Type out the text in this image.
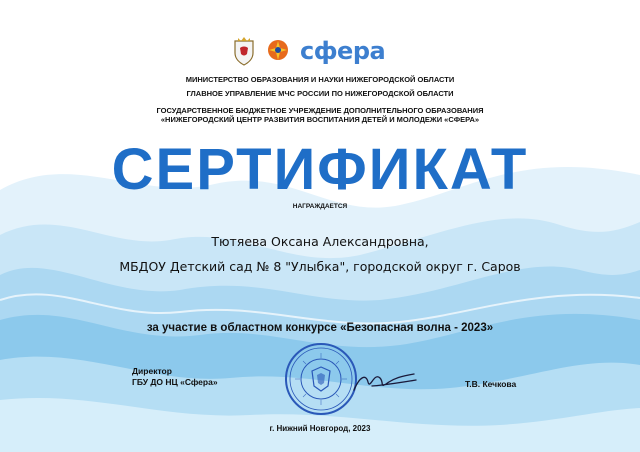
сфера
МИНИСТЕРСТВО ОБРАЗОВАНИЯ И НАУКИ НИЖЕГОРОДСКОЙ ОБЛАСТИ
ГЛАВНОЕ УПРАВЛЕНИЕ МЧС РОССИИ ПО НИЖЕГОРОДСКОЙ ОБЛАСТИ
ГОСУДАРСТВЕННОЕ БЮДЖЕТНОЕ УЧРЕЖДЕНИЕ ДОПОЛНИТЕЛЬНОГО ОБРАЗОВАНИЯ
«НИЖЕГОРОДСКИЙ ЦЕНТР РАЗВИТИЯ ВОСПИТАНИЯ ДЕТЕЙ И МОЛОДЕЖИ «СФЕРА»
СЕРТИФИКАТ
НАГРАЖДАЕТСЯ
Тютяева Оксана Александровна,
МБДОУ Детский сад № 8 "Улыбка", городской округ г. Саров
за участие в областном конкурсе «Безопасная волна - 2023»
Директор
ГБУ ДО НЦ «Сфера»	Т.В. Кечкова
г. Нижний Новгород, 2023
